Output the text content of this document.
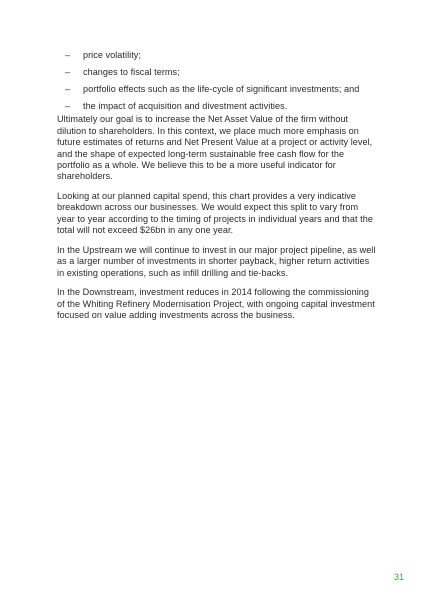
– price volatility;
– changes to fiscal terms;
– portfolio effects such as the life-cycle of significant investments; and
– the impact of acquisition and divestment activities.

Ultimately our goal is to increase the Net Asset Value of the firm without dilution to shareholders. In this context, we place much more emphasis on future estimates of returns and Net Present Value at a project or activity level, and the shape of expected long-term sustainable free cash flow for the portfolio as a whole. We believe this to be a more useful indicator for shareholders.

Looking at our planned capital spend, this chart provides a very indicative breakdown across our businesses. We would expect this split to vary from year to year according to the timing of projects in individual years and that the total will not exceed $26bn in any one year.

In the Upstream we will continue to invest in our major project pipeline, as well as a larger number of investments in shorter payback, higher return activities in existing operations, such as infill drilling and tie-backs.

In the Downstream, investment reduces in 2014 following the commissioning of the Whiting Refinery Modernisation Project, with ongoing capital investment focused on value adding investments across the business.

31
